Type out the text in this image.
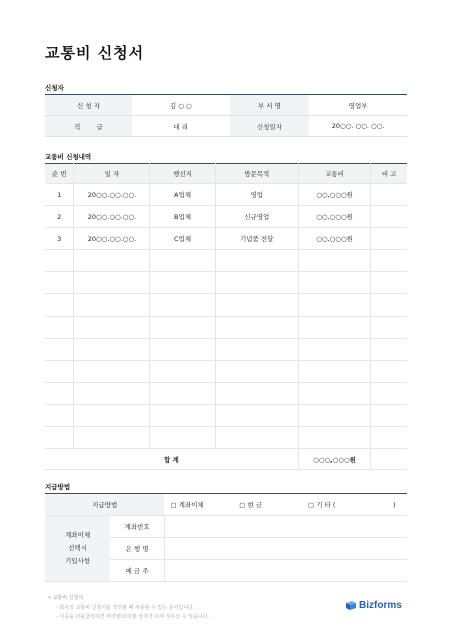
교통비 신청서
신청자
신 청 자	김 ○ ○	부 서 명	영업부
직 급	대 리	신청일자	20○○. ○○. ○○.
교통비 신청내역
순 번	일 자	행선지	방문목적	교통비	비 고
1	20○○.○○.○○.	A업체	영업	○○,○○○원	
2	20○○.○○.○○.	B업체	신규영업	○○,○○○원	
3	20○○.○○.○○.	C업체	기념품 전달	○○,○○○원	

합 계				○○○,○○○원	
지급방법
지급방법		▢ 계좌이체	▢ 현 금	▢ 기 타 (	)
계좌이체
선택시
기입사항	계좌번호				
	은 행 명				
	예 금 주				
• 교통비 신청서
- 회사의 교통비 신청서를 작성할 때 사용할 수 있는 문서입니다.
- 이곳을 더블클릭하면 머리말/꼬리말 상자가 뜨며 지우실 수 있습니다.
Bizforms
